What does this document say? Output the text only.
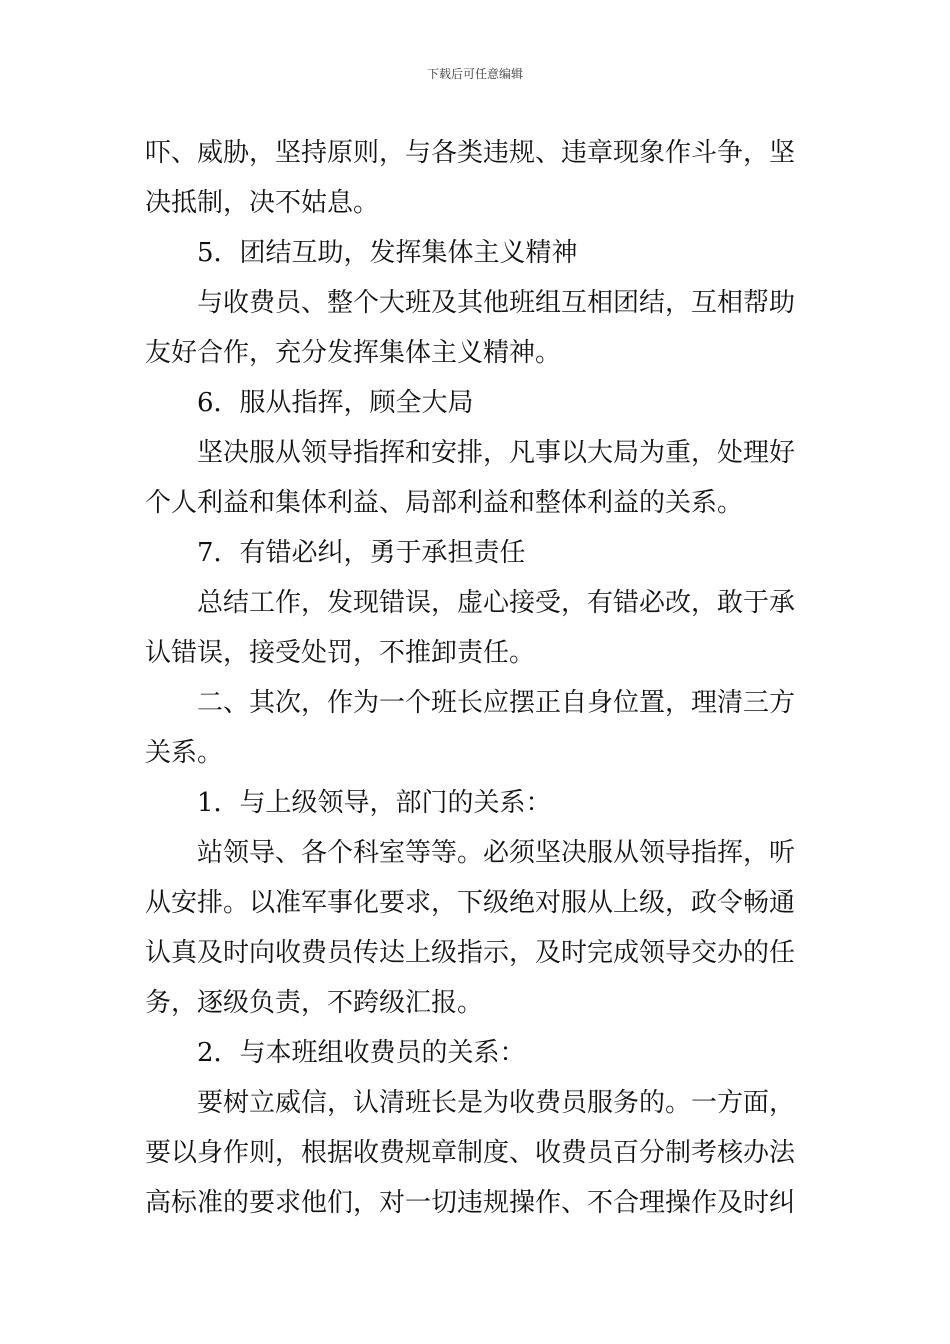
下载后可任意编辑
吓、威胁，坚持原则，与各类违规、违章现象作斗争，坚
决抵制，决不姑息。
5．团结互助，发挥集体主义精神
与收费员、整个大班及其他班组互相团结，互相帮助
友好合作，充分发挥集体主义精神。
6．服从指挥，顾全大局
坚决服从领导指挥和安排，凡事以大局为重，处理好
个人利益和集体利益、局部利益和整体利益的关系。
7．有错必纠，勇于承担责任
总结工作，发现错误，虚心接受，有错必改，敢于承
认错误，接受处罚，不推卸责任。
二、其次，作为一个班长应摆正自身位置，理清三方
关系。
1．与上级领导，部门的关系：
站领导、各个科室等等。必须坚决服从领导指挥，听
从安排。以准军事化要求，下级绝对服从上级，政令畅通
认真及时向收费员传达上级指示，及时完成领导交办的任
务，逐级负责，不跨级汇报。
2．与本班组收费员的关系：
要树立威信，认清班长是为收费员服务的。一方面，
要以身作则，根据收费规章制度、收费员百分制考核办法
高标准的要求他们，对一切违规操作、不合理操作及时纠
